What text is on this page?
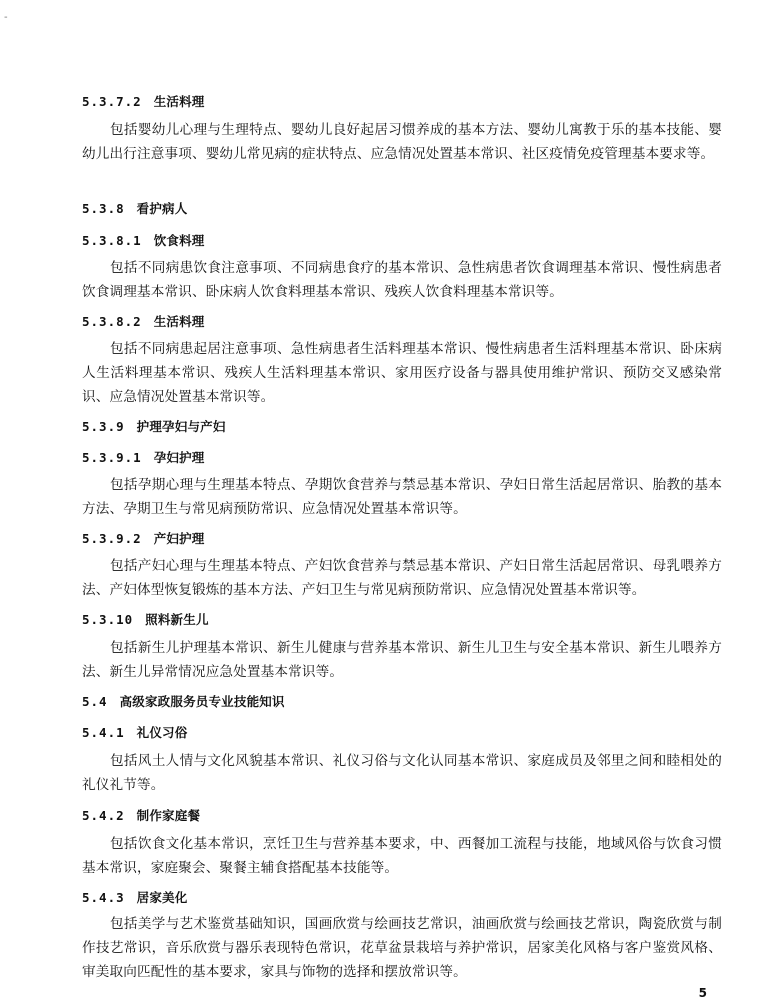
-
5.3.7.2 生活料理
包括婴幼儿心理与生理特点、婴幼儿良好起居习惯养成的基本方法、婴幼儿寓教于乐的基本技能、婴幼儿出行注意事项、婴幼儿常见病的症状特点、应急情况处置基本常识、社区疫情免疫管理基本要求等。
5.3.8 看护病人
5.3.8.1 饮食料理
包括不同病患饮食注意事项、不同病患食疗的基本常识、急性病患者饮食调理基本常识、慢性病患者饮食调理基本常识、卧床病人饮食料理基本常识、残疾人饮食料理基本常识等。
5.3.8.2 生活料理
包括不同病患起居注意事项、急性病患者生活料理基本常识、慢性病患者生活料理基本常识、卧床病人生活料理基本常识、残疾人生活料理基本常识、家用医疗设备与器具使用维护常识、预防交叉感染常识、应急情况处置基本常识等。
5.3.9 护理孕妇与产妇
5.3.9.1 孕妇护理
包括孕期心理与生理基本特点、孕期饮食营养与禁忌基本常识、孕妇日常生活起居常识、胎教的基本方法、孕期卫生与常见病预防常识、应急情况处置基本常识等。
5.3.9.2 产妇护理
包括产妇心理与生理基本特点、产妇饮食营养与禁忌基本常识、产妇日常生活起居常识、母乳喂养方法、产妇体型恢复锻炼的基本方法、产妇卫生与常见病预防常识、应急情况处置基本常识等。
5.3.10 照料新生儿
包括新生儿护理基本常识、新生儿健康与营养基本常识、新生儿卫生与安全基本常识、新生儿喂养方法、新生儿异常情况应急处置基本常识等。
5.4 高级家政服务员专业技能知识
5.4.1 礼仪习俗
包括风土人情与文化风貌基本常识、礼仪习俗与文化认同基本常识、家庭成员及邻里之间和睦相处的礼仪礼节等。
5.4.2 制作家庭餐
包括饮食文化基本常识，烹饪卫生与营养基本要求，中、西餐加工流程与技能，地域风俗与饮食习惯基本常识，家庭聚会、聚餐主辅食搭配基本技能等。
5.4.3 居家美化
包括美学与艺术鉴赏基础知识，国画欣赏与绘画技艺常识，油画欣赏与绘画技艺常识，陶瓷欣赏与制作技艺常识，音乐欣赏与器乐表现特色常识，花草盆景栽培与养护常识，居家美化风格与客户鉴赏风格、审美取向匹配性的基本要求，家具与饰物的选择和摆放常识等。
5
